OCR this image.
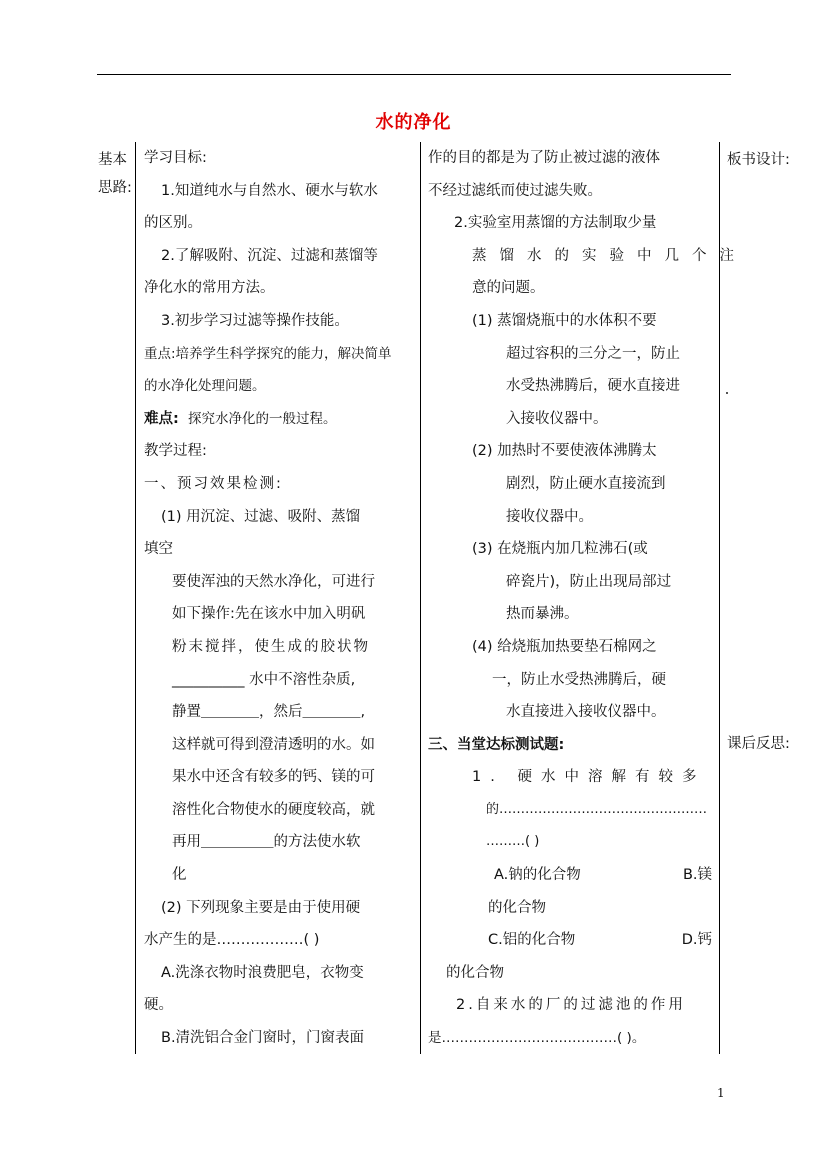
水的净化
基本
思路:
板书设计:
课后反思:

学习目标:

1.知道纯水与自然水、硬水与软水

的区别。

2.了解吸附、沉淀、过滤和蒸馏等

净化水的常用方法。

3.初步学习过滤等操作技能。

重点:培养学生科学探究的能力，解决简单

的水净化处理问题。

难点: 探究水净化的一般过程。

教学过程:

一、预习效果检测:

(1) 用沉淀、过滤、吸附、蒸馏

填空

要使浑浊的天然水净化，可进行

如下操作:先在该水中加入明矾

粉末搅拌，使生成的胶状物

__________ 水中不溶性杂质,

静置＿＿＿＿，然后＿＿＿＿,

这样就可得到澄清透明的水。如

果水中还含有较多的钙、镁的可

溶性化合物使水的硬度较高，就

再用＿＿＿＿＿的方法使水软

化

(2) 下列现象主要是由于使用硬

水产生的是………………( )

A.洗涤衣物时浪费肥皂，衣物变

硬。

B.清洗铝合金门窗时，门窗表面

作的目的都是为了防止被过滤的液体

不经过滤纸而使过滤失败。

2.实验室用蒸馏的方法制取少量

蒸馏水的实验中几个注

意的问题。

(1) 蒸馏烧瓶中的水体积不要

超过容积的三分之一，防止

水受热沸腾后，硬水直接进

入接收仪器中。

(2) 加热时不要使液体沸腾太

剧烈，防止硬水直接流到

接收仪器中。

(3) 在烧瓶内加几粒沸石(或

碎瓷片)，防止出现局部过

热而暴沸。

(4) 给烧瓶加热要垫石棉网之

一，防止水受热沸腾后，硬

水直接进入接收仪器中。

三、当堂达标测试题:

1. 硬水中溶解有较多

的…………………………………………

………( )

A.钠的化合物	B.镁

的化合物

C.铝的化合物	D.钙

的化合物

2.自来水的厂的过滤池的作用

是…………………………………( )。

1
